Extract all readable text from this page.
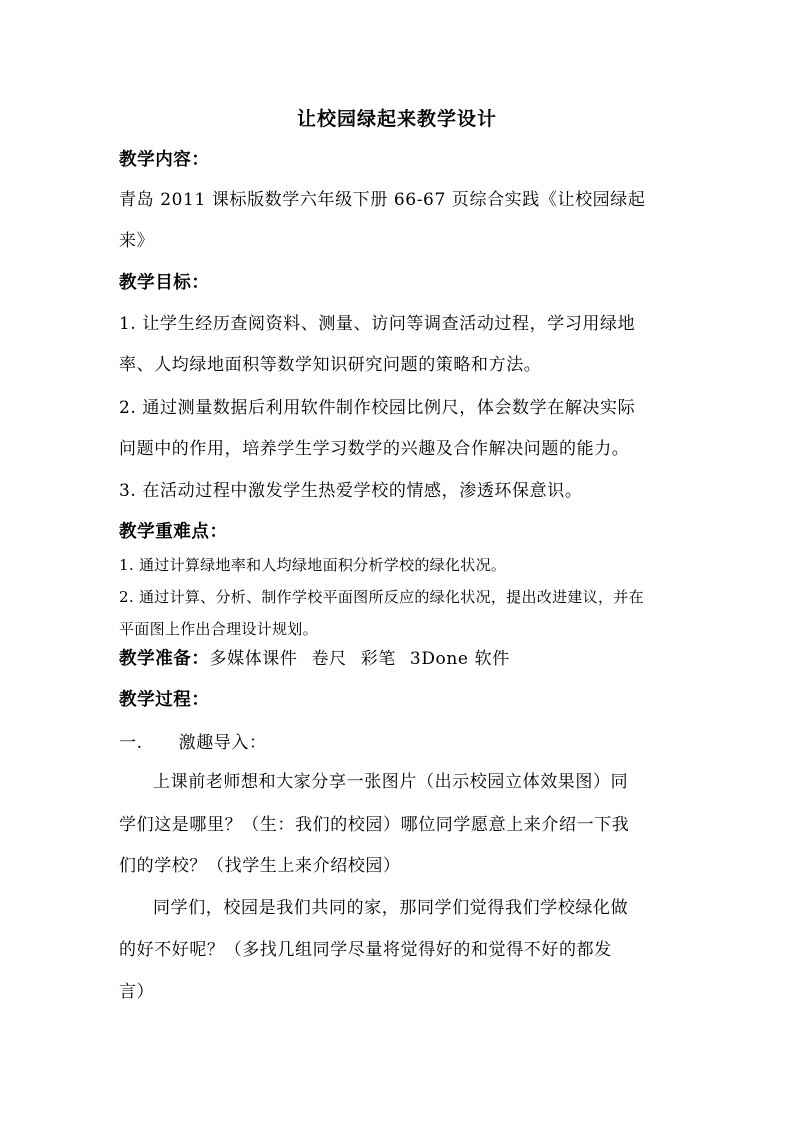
让校园绿起来教学设计
教学内容：
青岛 2011 课标版数学六年级下册 66-67 页综合实践《让校园绿起
来》
教学目标：
1. 让学生经历查阅资料、测量、访问等调查活动过程，学习用绿地
率、人均绿地面积等数学知识研究问题的策略和方法。
2. 通过测量数据后利用软件制作校园比例尺，体会数学在解决实际
问题中的作用，培养学生学习数学的兴趣及合作解决问题的能力。
3. 在活动过程中激发学生热爱学校的情感，渗透环保意识。
教学重难点：
1. 通过计算绿地率和人均绿地面积分析学校的绿化状况。
2. 通过计算、分析、制作学校平面图所反应的绿化状况，提出改进建议，并在
平面图上作出合理设计规划。
教学准备：多媒体课件 卷尺 彩笔 3Done 软件
教学过程：
一. 激趣导入：
上课前老师想和大家分享一张图片（出示校园立体效果图）同
学们这是哪里？（生：我们的校园）哪位同学愿意上来介绍一下我
们的学校？（找学生上来介绍校园）
同学们，校园是我们共同的家，那同学们觉得我们学校绿化做
的好不好呢？（多找几组同学尽量将觉得好的和觉得不好的都发
言）
